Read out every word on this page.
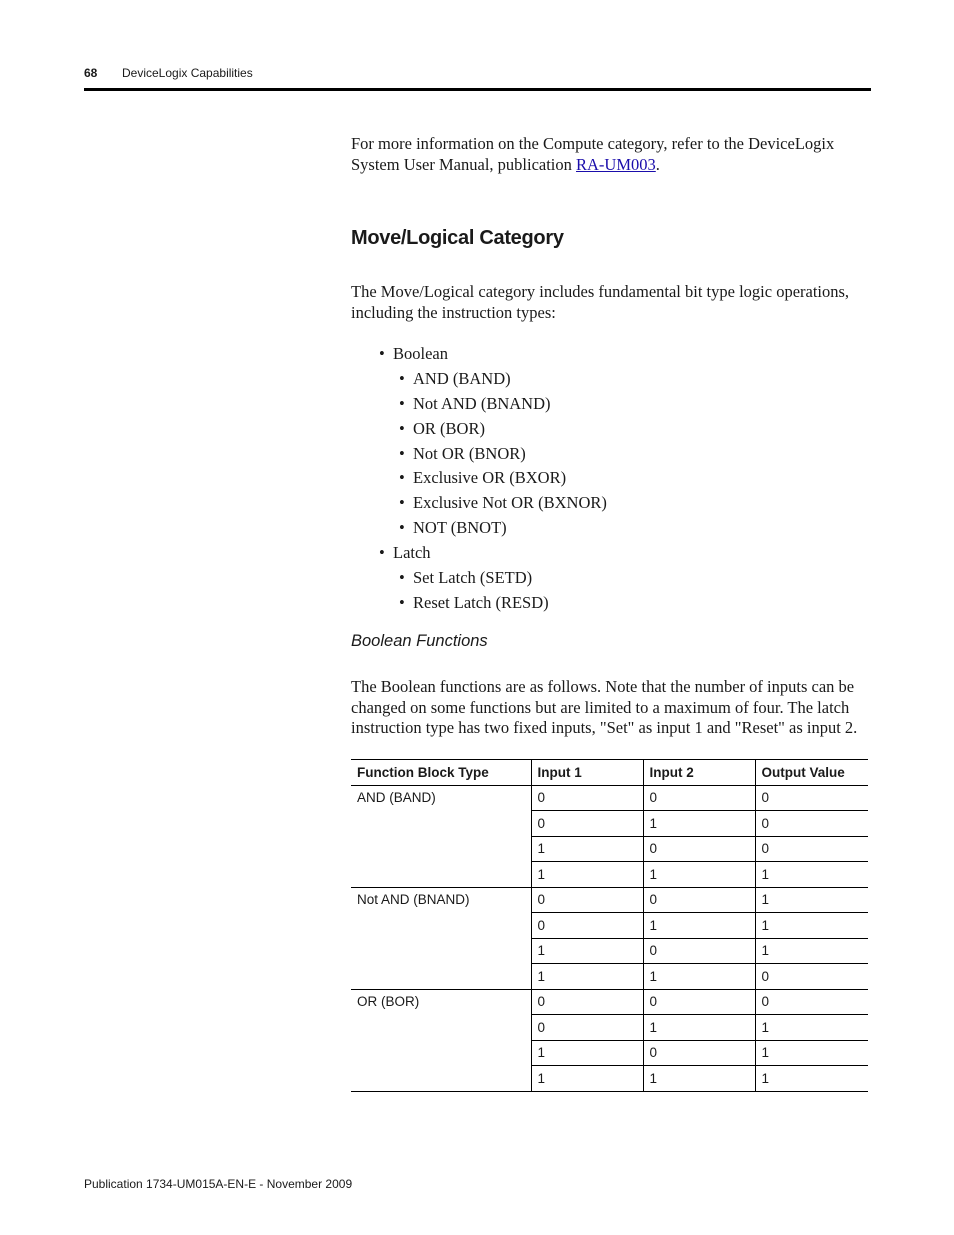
68 DeviceLogix Capabilities
For more information on the Compute category, refer to the DeviceLogix System User Manual, publication RA-UM003.
Move/Logical Category
The Move/Logical category includes fundamental bit type logic operations, including the instruction types:
• Boolean
• AND (BAND)
• Not AND (BNAND)
• OR (BOR)
• Not OR (BNOR)
• Exclusive OR (BXOR)
• Exclusive Not OR (BXNOR)
• NOT (BNOT)
• Latch
• Set Latch (SETD)
• Reset Latch (RESD)
Boolean Functions
The Boolean functions are as follows. Note that the number of inputs can be changed on some functions but are limited to a maximum of four. The latch instruction type has two fixed inputs, "Set" as input 1 and "Reset" as input 2.
Function Block Type	Input 1	Input 2	Output Value
AND (BAND)	0	0	0
	0	1	0
	1	0	0
	1	1	1
Not AND (BNAND)	0	0	1
	0	1	1
	1	0	1
	1	1	0
OR (BOR)	0	0	0
	0	1	1
	1	0	1
	1	1	1
Publication 1734-UM015A-EN-E - November 2009
